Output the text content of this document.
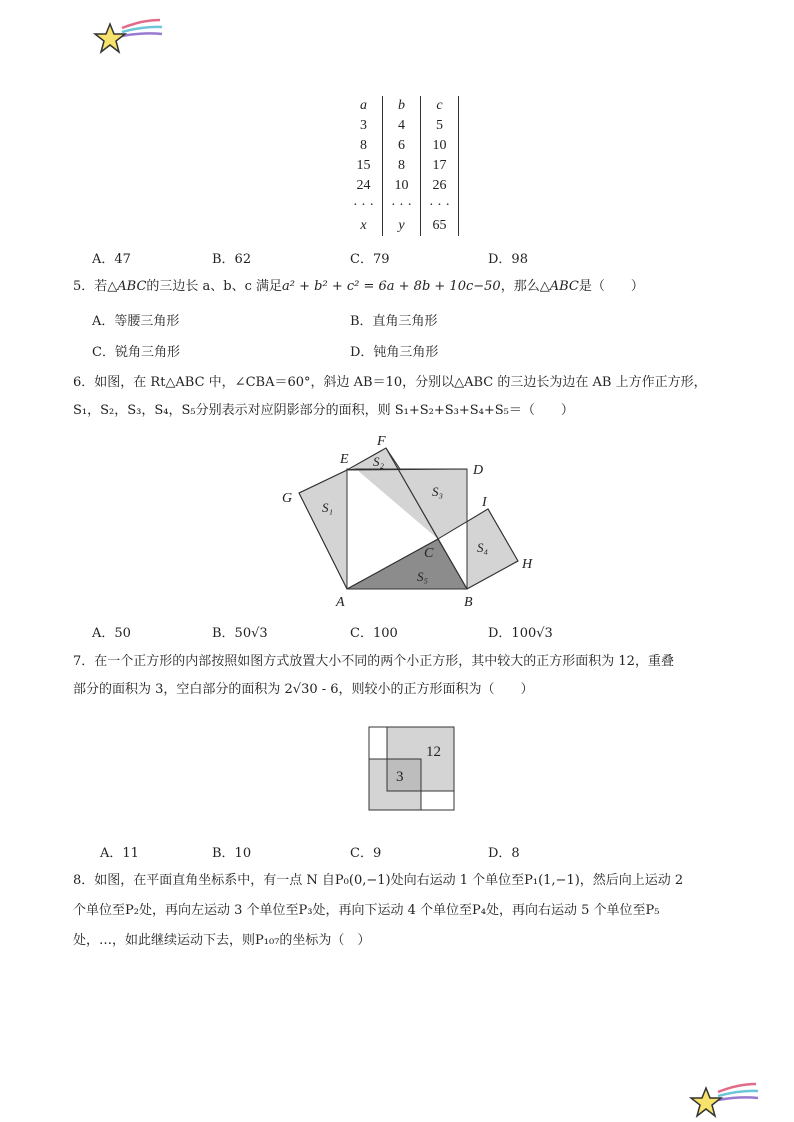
a	b	c
3	4	5
8	6	10
15	8	17
24	10	26
· · ·	· · ·	· · ·
x	y	65
A．47	B．62	C．79	D．98
5．若△ABC的三边长 a、b、c 满足a² + b² + c² = 6a + 8b + 10c−50，那么△ABC是（　　）
A．等腰三角形	B．直角三角形
C．锐角三角形	D．钝角三角形
6．如图，在 Rt△ABC 中，∠CBA＝60°，斜边 AB＝10，分别以△ABC 的三边长为边在 AB 上方作正方形，
S₁，S₂，S₃，S₄，S₅分别表示对应阴影部分的面积，则 S₁+S₂+S₃+S₄+S₅＝（　　）
E
F
D
G	I
H
A	B
C
S₁
S₂
S₃
S₄
S₅
A．50	B．50√3	C．100	D．100√3
7．在一个正方形的内部按照如图方式放置大小不同的两个小正方形，其中较大的正方形面积为 12，重叠
部分的面积为 3，空白部分的面积为 2√30 - 6，则较小的正方形面积为（　　）
12
3
A．11	B．10	C．9	D．8
8．如图，在平面直角坐标系中，有一点 N 自P₀(0,−1)处向右运动 1 个单位至P₁(1,−1)，然后向上运动 2
个单位至P₂处，再向左运动 3 个单位至P₃处，再向下运动 4 个单位至P₄处，再向右运动 5 个单位至P₅
处，…，如此继续运动下去，则P₁₀₇的坐标为（　）
